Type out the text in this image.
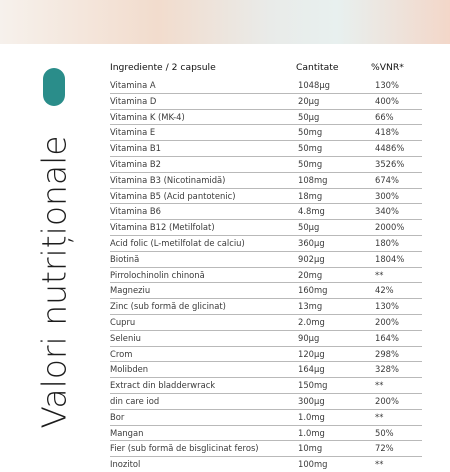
Valori nutriționale
Ingrediente / 2 capsule	Cantitate	%VNR*
Vitamina A	1048µg	130%
Vitamina D	20µg	400%
Vitamina K (MK-4)	50µg	66%
Vitamina E	50mg	418%
Vitamina B1	50mg	4486%
Vitamina B2	50mg	3526%
Vitamina B3 (Nicotinamidă)	108mg	674%
Vitamina B5 (Acid pantotenic)	18mg	300%
Vitamina B6	4.8mg	340%
Vitamina B12 (Metilfolat)	50µg	2000%
Acid folic (L-metilfolat de calciu)	360µg	180%
Biotină	902µg	1804%
Pirrolochinolin chinonă	20mg	**
Magneziu	160mg	42%
Zinc (sub formă de glicinat)	13mg	130%
Cupru	2.0mg	200%
Seleniu	90µg	164%
Crom	120µg	298%
Molibden	164µg	328%
Extract din bladderwrack	150mg	**
din care iod	300µg	200%
Bor	1.0mg	**
Mangan	1.0mg	50%
Fier (sub formă de bisglicinat feros)	10mg	72%
Inozitol	100mg	**
